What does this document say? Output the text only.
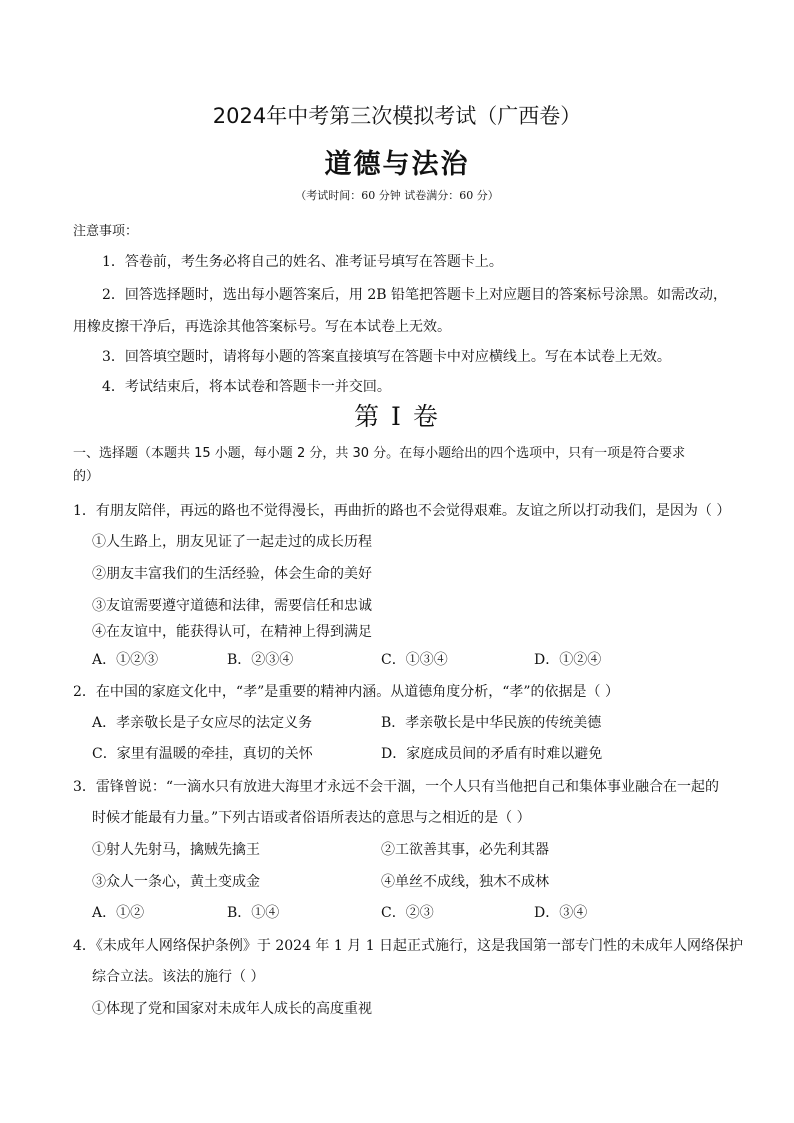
2024年中考第三次模拟考试（广西卷）
道德与法治
（考试时间：60 分钟 试卷满分：60 分）
注意事项：
1．答卷前，考生务必将自己的姓名、准考证号填写在答题卡上。
2．回答选择题时，选出每小题答案后，用 2B 铅笔把答题卡上对应题目的答案标号涂黑。如需改动，
用橡皮擦干净后，再选涂其他答案标号。写在本试卷上无效。
3．回答填空题时，请将每小题的答案直接填写在答题卡中对应横线上。写在本试卷上无效。
4．考试结束后，将本试卷和答题卡一并交回。
第 I 卷
一、选择题（本题共 15 小题，每小题 2 分，共 30 分。在每小题给出的四个选项中，只有一项是符合要求
的）
1．有朋友陪伴，再远的路也不觉得漫长，再曲折的路也不会觉得艰难。友谊之所以打动我们，是因为（ ）
①人生路上，朋友见证了一起走过的成长历程
②朋友丰富我们的生活经验，体会生命的美好
③友谊需要遵守道德和法律，需要信任和忠诚
④在友谊中，能获得认可，在精神上得到满足
A．①②③	B．②③④	C．①③④	D．①②④
2．在中国的家庭文化中，“孝”是重要的精神内涵。从道德角度分析，“孝”的依据是（ ）
A．孝亲敬长是子女应尽的法定义务	B．孝亲敬长是中华民族的传统美德
C．家里有温暖的牵挂，真切的关怀	D．家庭成员间的矛盾有时难以避免
3．雷锋曾说：“一滴水只有放进大海里才永远不会干涸，一个人只有当他把自己和集体事业融合在一起的
时候才能最有力量。”下列古语或者俗语所表达的意思与之相近的是（ ）
①射人先射马，擒贼先擒王	②工欲善其事，必先利其器
③众人一条心，黄土变成金	④单丝不成线，独木不成林
A．①②	B．①④	C．②③	D．③④
4．《未成年人网络保护条例》于 2024 年 1 月 1 日起正式施行，这是我国第一部专门性的未成年人网络保护
综合立法。该法的施行（ ）
①体现了党和国家对未成年人成长的高度重视
